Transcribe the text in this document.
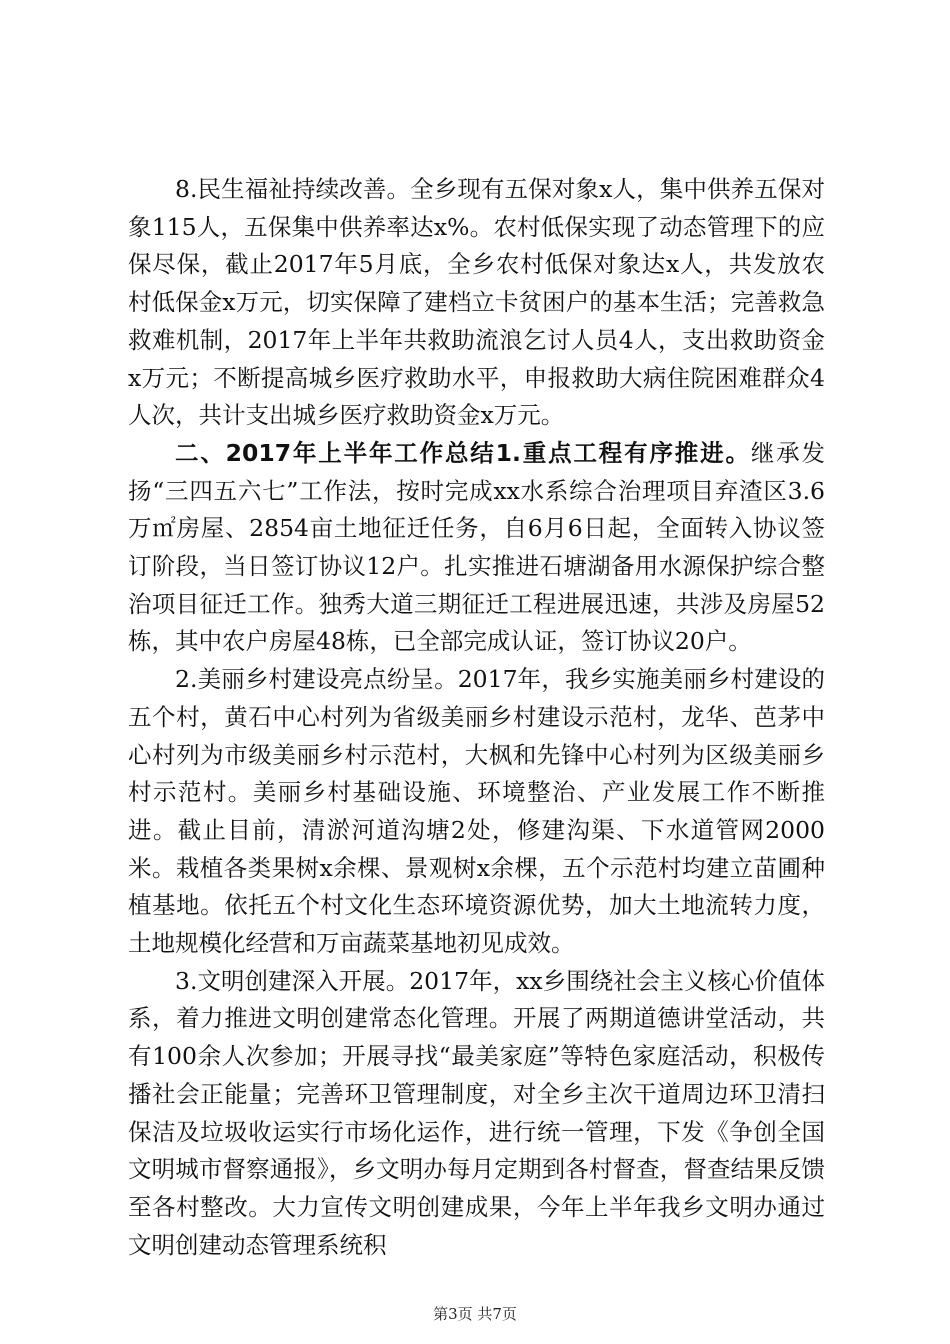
8.民生福祉持续改善。全乡现有五保对象x人，集中供养五保对象115人，五保集中供养率达x%。农村低保实现了动态管理下的应保尽保，截止2017年5月底，全乡农村低保对象达x人，共发放农村低保金x万元，切实保障了建档立卡贫困户的基本生活；完善救急救难机制，2017年上半年共救助流浪乞讨人员4人，支出救助资金x万元；不断提高城乡医疗救助水平，申报救助大病住院困难群众4人次，共计支出城乡医疗救助资金x万元。

二、2017年上半年工作总结1.重点工程有序推进。继承发扬“三四五六七”工作法，按时完成xx水系综合治理项目弃渣区3.6万㎡房屋、2854亩土地征迁任务，自6月6日起，全面转入协议签订阶段，当日签订协议12户。扎实推进石塘湖备用水源保护综合整治项目征迁工作。独秀大道三期征迁工程进展迅速，共涉及房屋52栋，其中农户房屋48栋，已全部完成认证，签订协议20户。

2.美丽乡村建设亮点纷呈。2017年，我乡实施美丽乡村建设的五个村，黄石中心村列为省级美丽乡村建设示范村，龙华、芭茅中心村列为市级美丽乡村示范村，大枫和先锋中心村列为区级美丽乡村示范村。美丽乡村基础设施、环境整治、产业发展工作不断推进。截止目前，清淤河道沟塘2处，修建沟渠、下水道管网2000米。栽植各类果树x余棵、景观树x余棵，五个示范村均建立苗圃种植基地。依托五个村文化生态环境资源优势，加大土地流转力度，土地规模化经营和万亩蔬菜基地初见成效。

3.文明创建深入开展。2017年，xx乡围绕社会主义核心价值体系，着力推进文明创建常态化管理。开展了两期道德讲堂活动，共有100余人次参加；开展寻找“最美家庭”等特色家庭活动，积极传播社会正能量；完善环卫管理制度，对全乡主次干道周边环卫清扫保洁及垃圾收运实行市场化运作，进行统一管理，下发《争创全国文明城市督察通报》，乡文明办每月定期到各村督查，督查结果反馈至各村整改。大力宣传文明创建成果，今年上半年我乡文明办通过文明创建动态管理系统积

第3页 共7页
